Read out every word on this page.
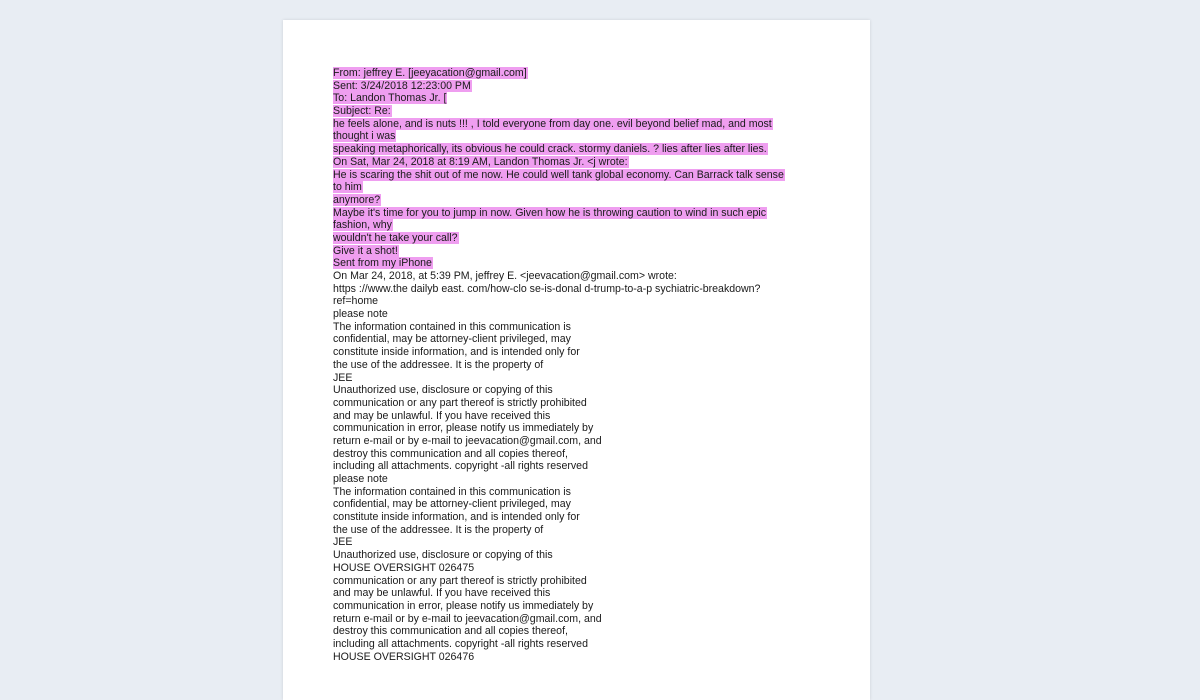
From: jeffrey E. [jeeyacation@gmail.com]
Sent: 3/24/2018 12:23:00 PM
To: Landon Thomas Jr. [
Subject: Re:
he feels alone, and is nuts !!! , I told everyone from day one. evil beyond belief mad, and most
thought i was
speaking metaphorically, its obvious he could crack. stormy daniels. ? lies after lies after lies.
On Sat, Mar 24, 2018 at 8:19 AM, Landon Thomas Jr. <j wrote:
He is scaring the shit out of me now. He could well tank global economy. Can Barrack talk sense
to him
anymore?
Maybe it's time for you to jump in now. Given how he is throwing caution to wind in such epic
fashion, why
wouldn't he take your call?
Give it a shot!
Sent from my iPhone
On Mar 24, 2018, at 5:39 PM, jeffrey E. <jeevacation@gmail.com> wrote:
https ://www.the dailyb east. com/how-clo se-is-donal d-trump-to-a-p sychiatric-breakdown?
ref=home
please note
The information contained in this communication is
confidential, may be attorney-client privileged, may
constitute inside information, and is intended only for
the use of the addressee. It is the property of
JEE
Unauthorized use, disclosure or copying of this
communication or any part thereof is strictly prohibited
and may be unlawful. If you have received this
communication in error, please notify us immediately by
return e-mail or by e-mail to jeevacation@gmail.com, and
destroy this communication and all copies thereof,
including all attachments. copyright -all rights reserved
please note
The information contained in this communication is
confidential, may be attorney-client privileged, may
constitute inside information, and is intended only for
the use of the addressee. It is the property of
JEE
Unauthorized use, disclosure or copying of this
HOUSE OVERSIGHT 026475
communication or any part thereof is strictly prohibited
and may be unlawful. If you have received this
communication in error, please notify us immediately by
return e-mail or by e-mail to jeevacation@gmail.com, and
destroy this communication and all copies thereof,
including all attachments. copyright -all rights reserved
HOUSE OVERSIGHT 026476
